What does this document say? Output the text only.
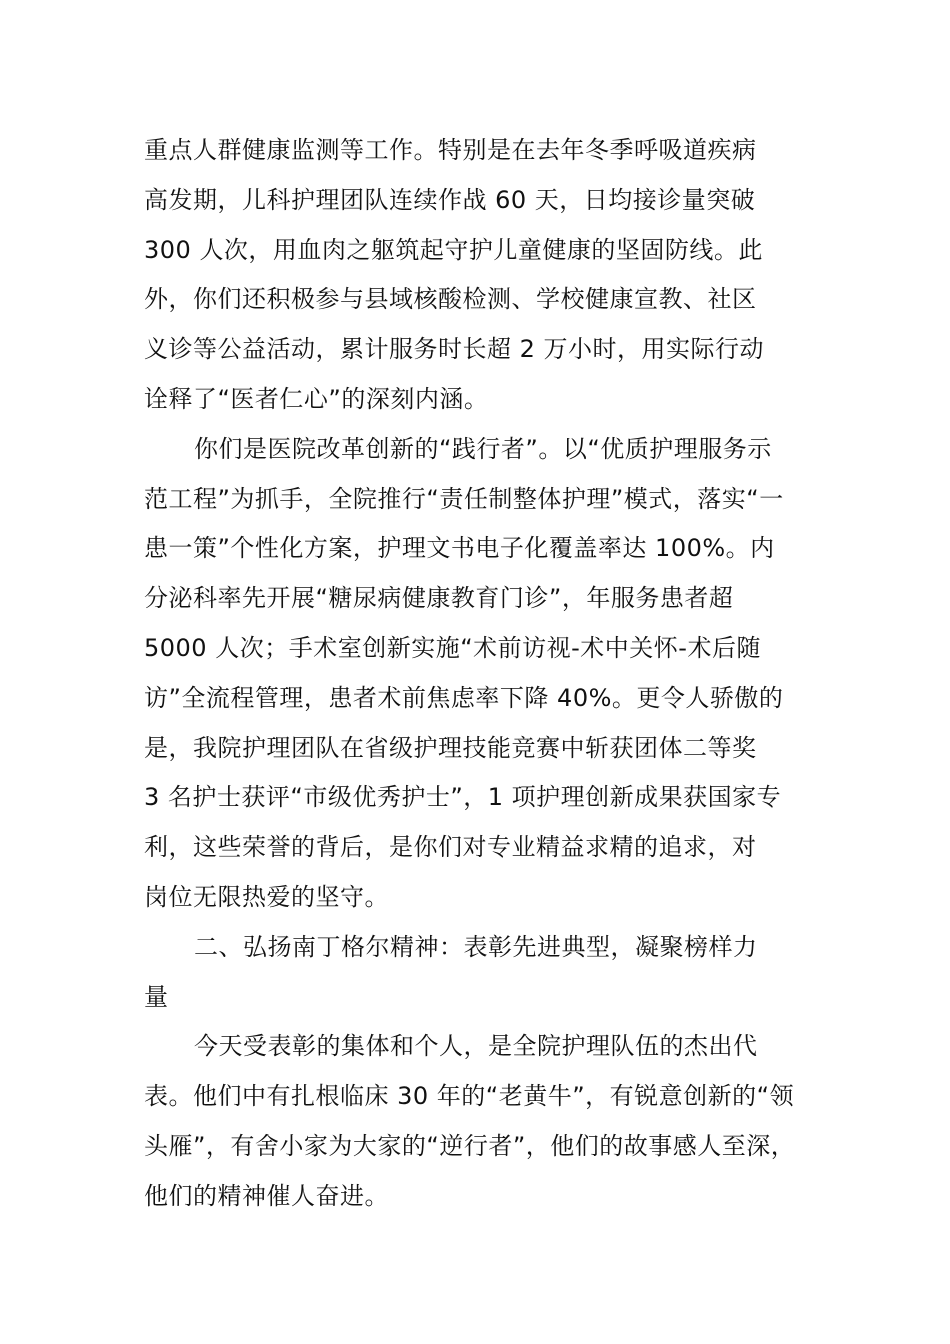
重点人群健康监测等工作。特别是在去年冬季呼吸道疾病
高发期，儿科护理团队连续作战 60 天，日均接诊量突破
300 人次，用血肉之躯筑起守护儿童健康的坚固防线。此
外，你们还积极参与县域核酸检测、学校健康宣教、社区
义诊等公益活动，累计服务时长超 2 万小时，用实际行动
诠释了“医者仁心”的深刻内涵。
你们是医院改革创新的“践行者”。以“优质护理服务示
范工程”为抓手，全院推行“责任制整体护理”模式，落实“一
患一策”个性化方案，护理文书电子化覆盖率达 100%。内
分泌科率先开展“糖尿病健康教育门诊”，年服务患者超
5000 人次；手术室创新实施“术前访视-术中关怀-术后随
访”全流程管理，患者术前焦虑率下降 40%。更令人骄傲的
是，我院护理团队在省级护理技能竞赛中斩获团体二等奖
3 名护士获评“市级优秀护士”，1 项护理创新成果获国家专
利，这些荣誉的背后，是你们对专业精益求精的追求，对
岗位无限热爱的坚守。
二、弘扬南丁格尔精神：表彰先进典型，凝聚榜样力
量
今天受表彰的集体和个人，是全院护理队伍的杰出代
表。他们中有扎根临床 30 年的“老黄牛”，有锐意创新的“领
头雁”，有舍小家为大家的“逆行者”，他们的故事感人至深，
他们的精神催人奋进。
